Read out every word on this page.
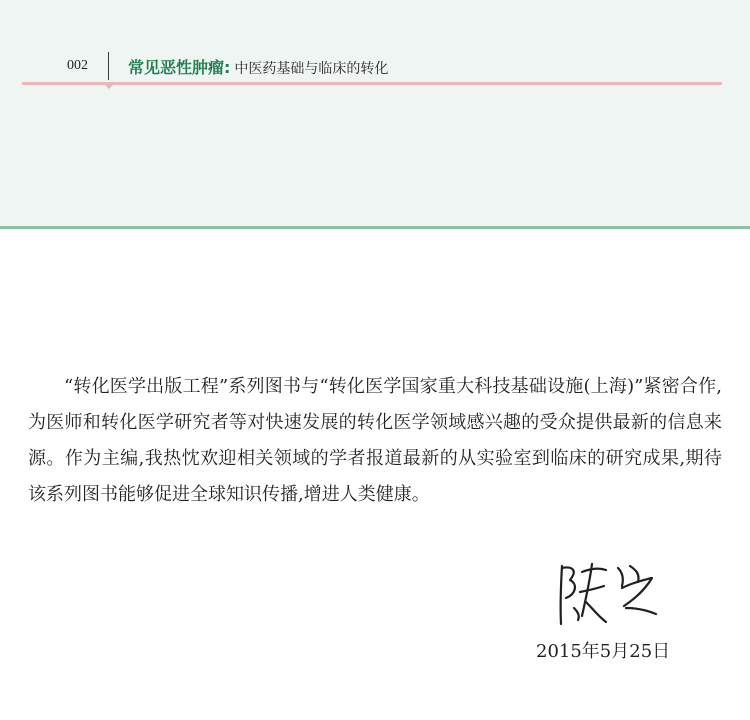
002	常见恶性肿瘤: 中医药基础与临床的转化

“转化医学出版工程”系列图书与“转化医学国家重大科技基础设施(上海)”紧密合作,为医师和转化医学研究者等对快速发展的转化医学领域感兴趣的受众提供最新的信息来源。作为主编,我热忱欢迎相关领域的学者报道最新的从实验室到临床的研究成果,期待该系列图书能够促进全球知识传播,增进人类健康。

2015年5月25日
